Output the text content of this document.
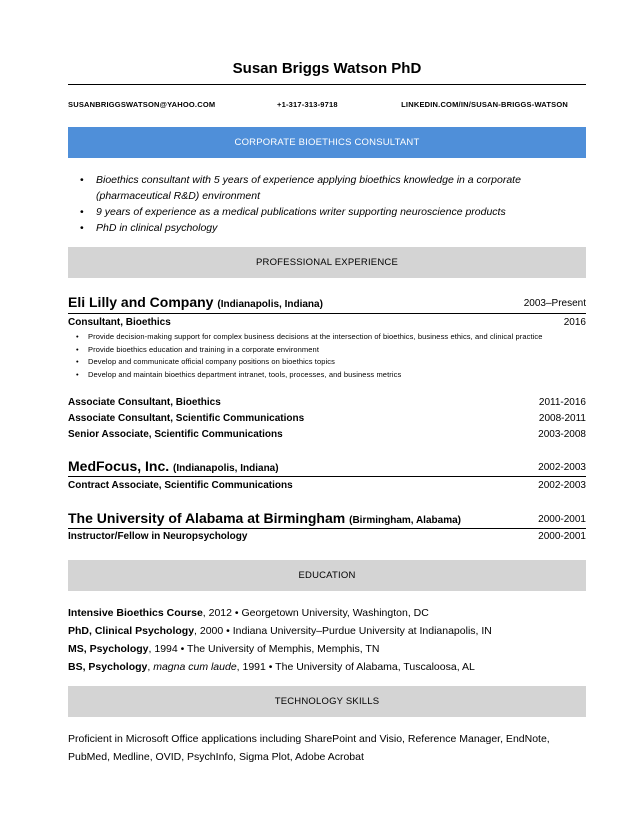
Susan Briggs Watson PhD
SUSANBRIGGSWATSON@YAHOO.COM	+1-317-313-9718	LINKEDIN.COM/IN/SUSAN-BRIGGS-WATSON
CORPORATE BIOETHICS CONSULTANT
• Bioethics consultant with 5 years of experience applying bioethics knowledge in a corporate (pharmaceutical R&D) environment
• 9 years of experience as a medical publications writer supporting neuroscience products
• PhD in clinical psychology
PROFESSIONAL EXPERIENCE
Eli Lilly and Company (Indianapolis, Indiana)	2003–Present
Consultant, Bioethics	2016
• Provide decision-making support for complex business decisions at the intersection of bioethics, business ethics, and clinical practice
• Provide bioethics education and training in a corporate environment
• Develop and communicate official company positions on bioethics topics
• Develop and maintain bioethics department intranet, tools, processes, and business metrics
Associate Consultant, Bioethics	2011-2016
Associate Consultant, Scientific Communications	2008-2011
Senior Associate, Scientific Communications	2003-2008
MedFocus, Inc. (Indianapolis, Indiana)	2002-2003
Contract Associate, Scientific Communications	2002-2003
The University of Alabama at Birmingham (Birmingham, Alabama)	2000-2001
Instructor/Fellow in Neuropsychology	2000-2001
EDUCATION
Intensive Bioethics Course, 2012 • Georgetown University, Washington, DC
PhD, Clinical Psychology, 2000 • Indiana University–Purdue University at Indianapolis, IN
MS, Psychology, 1994 • The University of Memphis, Memphis, TN
BS, Psychology, magna cum laude, 1991 • The University of Alabama, Tuscaloosa, AL
TECHNOLOGY SKILLS
Proficient in Microsoft Office applications including SharePoint and Visio, Reference Manager, EndNote, PubMed, Medline, OVID, PsychInfo, Sigma Plot, Adobe Acrobat
